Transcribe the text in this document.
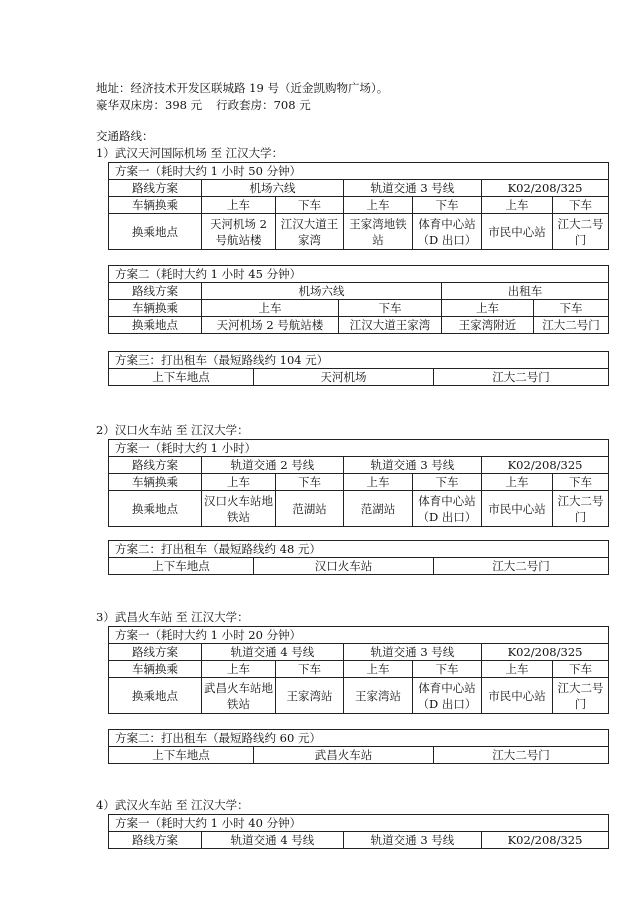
地址：经济技术开发区联城路 19 号（近金凯购物广场）。
豪华双床房：398 元 行政套房：708 元
交通路线：
1）武汉天河国际机场 至 江汉大学：
方案一（耗时大约 1 小时 50 分钟）						
路线方案	机场六线		轨道交通 3 号线		K02/208/325	
车辆换乘	上车	下车	上车	下车	上车	下车
换乘地点	天河机场 2 号航站楼	江汉大道王家湾	王家湾地铁站	体育中心站（D 出口）	市民中心站	江大二号门
方案二（耗时大约 1 小时 45 分钟）				
路线方案	机场六线		出租车	
车辆换乘	上车	下车	上车	下车
换乘地点	天河机场 2 号航站楼	江汉大道王家湾	王家湾附近	江大二号门
方案三：打出租车（最短路线约 104 元）
上下车地点	天河机场	江大二号门
2）汉口火车站 至 江汉大学：
方案一（耗时大约 1 小时）						
路线方案	轨道交通 2 号线		轨道交通 3 号线		K02/208/325	
车辆换乘	上车	下车	上车	下车	上车	下车
换乘地点	汉口火车站地铁站	范湖站	范湖站	体育中心站（D 出口）	市民中心站	江大二号门
方案二：打出租车（最短路线约 48 元）
上下车地点	汉口火车站	江大二号门
3）武昌火车站 至 江汉大学：
方案一（耗时大约 1 小时 20 分钟）						
路线方案	轨道交通 4 号线		轨道交通 3 号线		K02/208/325	
车辆换乘	上车	下车	上车	下车	上车	下车
换乘地点	武昌火车站地铁站	王家湾站	王家湾站	体育中心站（D 出口）	市民中心站	江大二号门
方案二：打出租车（最短路线约 60 元）
上下车地点	武昌火车站	江大二号门
4）武汉火车站 至 江汉大学：
方案一（耗时大约 1 小时 40 分钟）
路线方案	轨道交通 4 号线	轨道交通 3 号线	K02/208/325
